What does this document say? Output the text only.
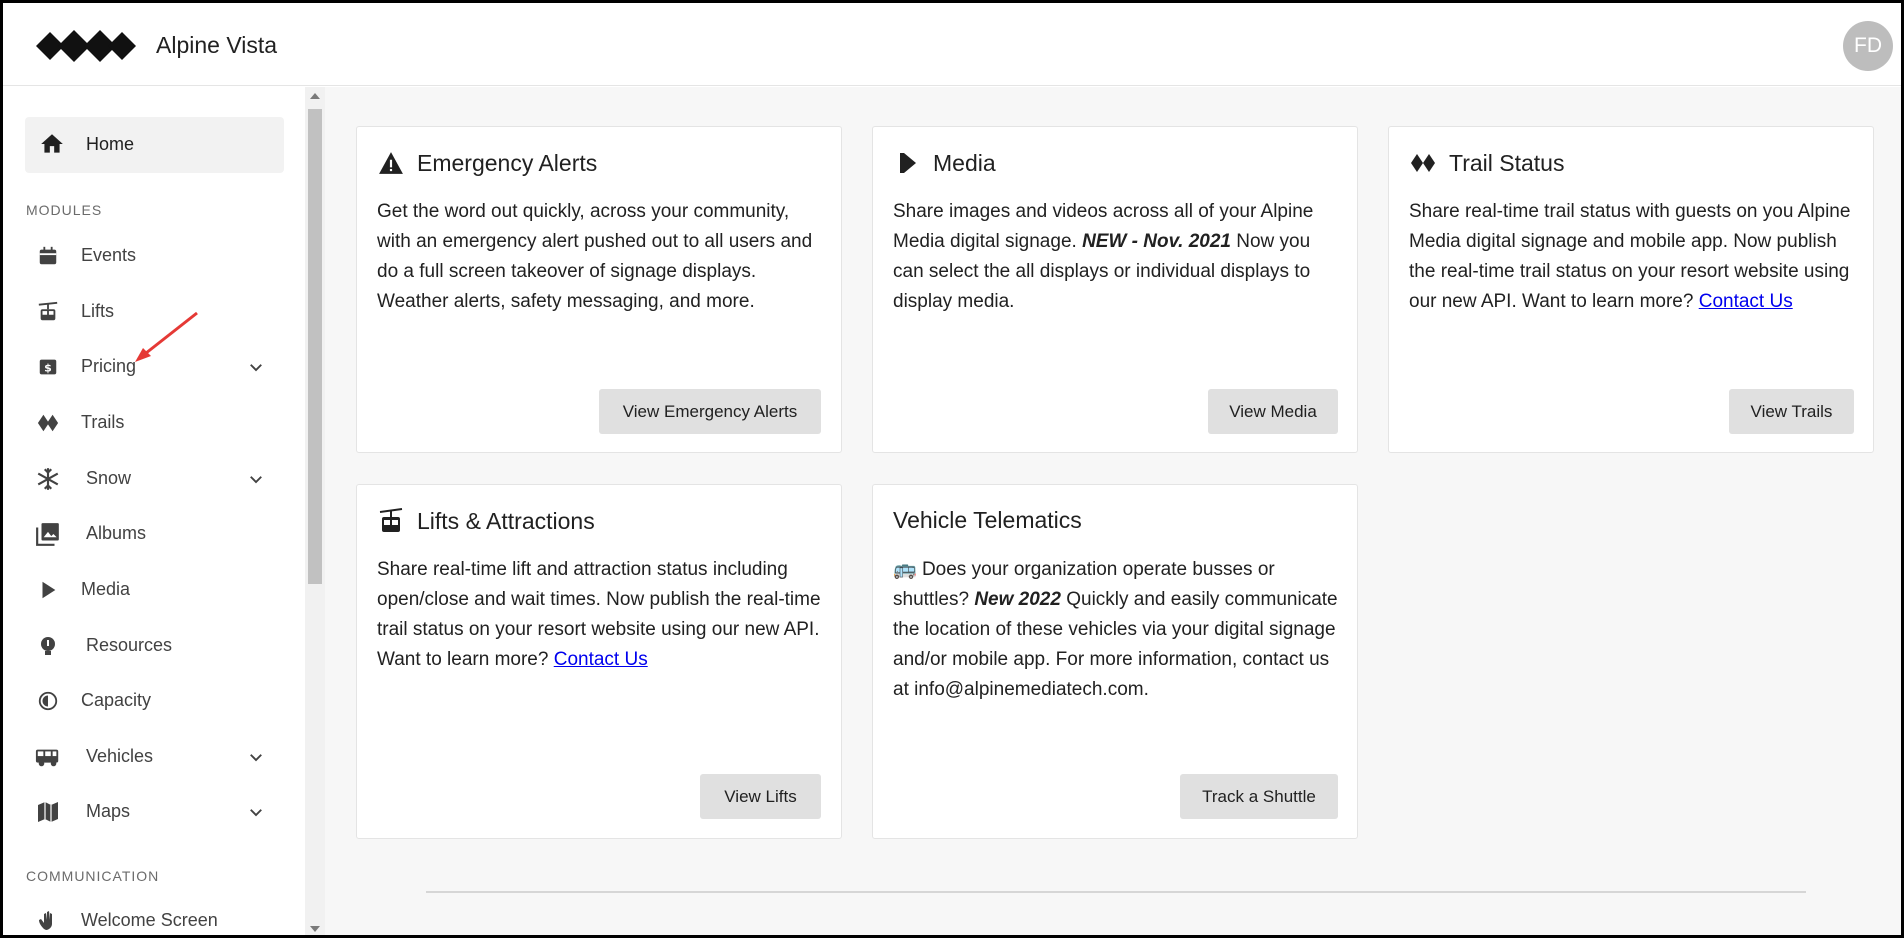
Alpine Vista	FD
Home
MODULES
Events
Lifts
$ Pricing
Trails
Snow
Albums
Media
Resources
Capacity
Vehicles
Maps
COMMUNICATION
Welcome Screen
Emergency Alerts
Get the word out quickly, across your community, with an emergency alert pushed out to all users and do a full screen takeover of signage displays. Weather alerts, safety messaging, and more.
View Emergency Alerts
Media
Share images and videos across all of your Alpine Media digital signage. NEW - Nov. 2021 Now you can select the all displays or individual displays to display media.
View Media
Trail Status
Share real-time trail status with guests on you Alpine Media digital signage and mobile app. Now publish the real-time trail status on your resort website using our new API. Want to learn more? Contact Us
View Trails
Lifts & Attractions
Share real-time lift and attraction status including open/close and wait times. Now publish the real-time trail status on your resort website using our new API. Want to learn more? Contact Us
View Lifts
Vehicle Telematics
🚌 Does your organization operate busses or shuttles? New 2022 Quickly and easily communicate the location of these vehicles via your digital signage and/or mobile app. For more information, contact us at info@alpinemediatech.com.
Track a Shuttle
